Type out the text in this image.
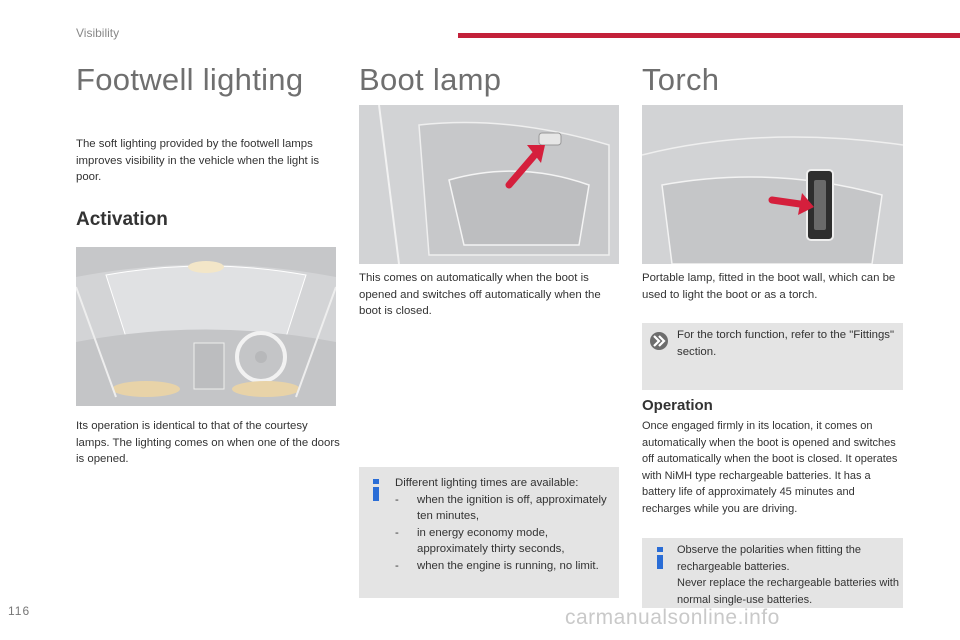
Visibility
Footwell lighting
The soft lighting provided by the footwell lamps improves visibility in the vehicle when the light is poor.
Activation
Its operation is identical to that of the courtesy lamps. The lighting comes on when one of the doors is opened.
Boot lamp
This comes on automatically when the boot is opened and switches off automatically when the boot is closed.

Different lighting times are available:

-	when the ignition is off, approximately ten minutes,
-	in energy economy mode, approximately thirty seconds,
-	when the engine is running, no limit.
Torch
Portable lamp, fitted in the boot wall, which can be used to light the boot or as a torch.
For the torch function, refer to the "Fittings" section.
Operation
Once engaged firmly in its location, it comes on automatically when the boot is opened and switches off automatically when the boot is closed. It operates with NiMH type rechargeable batteries. It has a battery life of approximately 45 minutes and recharges while you are driving.

Observe the polarities when fitting the rechargeable batteries.

Never replace the rechargeable batteries with normal single-use batteries.

116	carmanualsonline.info
